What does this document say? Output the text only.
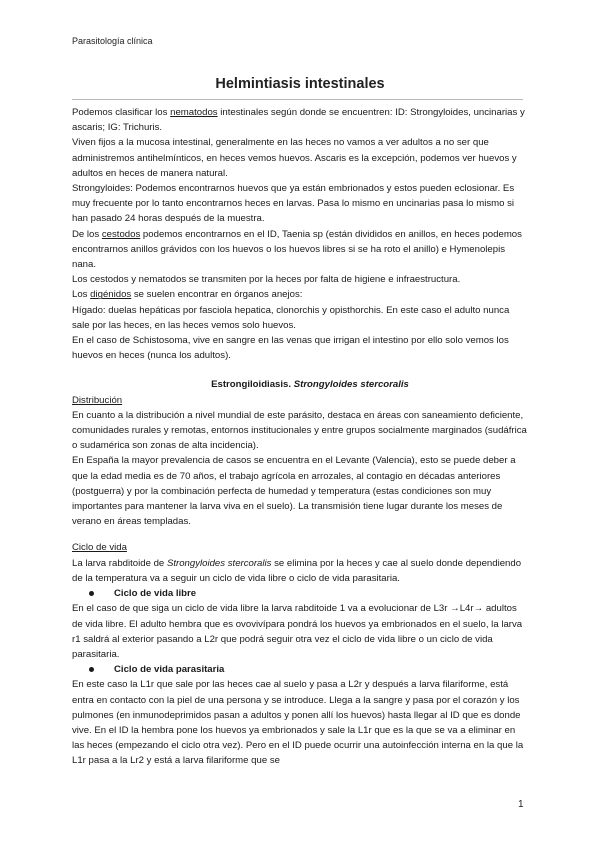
Parasitología clínica
Helmintiasis intestinales

Podemos clasificar los nematodos intestinales según donde se encuentren: ID: Strongyloides, uncinarias y ascaris; IG: Trichuris.

Viven fijos a la mucosa intestinal, generalmente en las heces no vamos a ver adultos a no ser que administremos antihelmínticos, en heces vemos huevos. Ascaris es la excepción, podemos ver huevos y adultos en heces de manera natural.

Strongyloides: Podemos encontrarnos huevos que ya están embrionados y estos pueden eclosionar. Es muy frecuente por lo tanto encontrarnos heces en larvas. Pasa lo mismo en uncinarias pasa lo mismo si han pasado 24 horas después de la muestra.

De los cestodos podemos encontrarnos en el ID, Taenia sp (están divididos en anillos, en heces podemos encontrarnos anillos grávidos con los huevos o los huevos libres si se ha roto el anillo) e Hymenolepis nana.

Los cestodos y nematodos se transmiten por la heces por falta de higiene e infraestructura.

Los digénidos se suelen encontrar en órganos anejos:

Hígado: duelas hepáticas por fasciola hepatica, clonorchis y opisthorchis. En este caso el adulto nunca sale por las heces, en las heces vemos solo huevos.

En el caso de Schistosoma, vive en sangre en las venas que irrigan el intestino por ello solo vemos los huevos en heces (nunca los adultos).

Estrongiloidiasis. Strongyloides stercoralis

Distribución

En cuanto a la distribución a nivel mundial de este parásito, destaca en áreas con saneamiento deficiente, comunidades rurales y remotas, entornos institucionales y entre grupos socialmente marginados (sudáfrica o sudamérica son zonas de alta incidencia).

En España la mayor prevalencia de casos se encuentra en el Levante (Valencia), esto se puede deber a que la edad media es de 70 años, el trabajo agrícola en arrozales, al contagio en décadas anteriores (postguerra) y por la combinación perfecta de humedad y temperatura (estas condiciones son muy importantes para mantener la larva viva en el suelo). La transmisión tiene lugar durante los meses de verano en áreas templadas.

Ciclo de vida

La larva rabditoide de Strongyloides stercoralis se elimina por la heces y cae al suelo donde dependiendo de la temperatura va a seguir un ciclo de vida libre o ciclo de vida parasitaria.

Ciclo de vida libre

En el caso de que siga un ciclo de vida libre la larva rabditoide 1 va a evolucionar de L3r →L4r→ adultos de vida libre. El adulto hembra que es ovovivípara pondrá los huevos ya embrionados en el suelo, la larva r1 saldrá al exterior pasando a L2r que podrá seguir otra vez el ciclo de vida libre o un ciclo de vida parasitaria.

Ciclo de vida parasitaria

En este caso la L1r que sale por las heces cae al suelo y pasa a L2r y después a larva filariforme, está entra en contacto con la piel de una persona y se introduce. Llega a la sangre y pasa por el corazón y los pulmones (en inmunodeprimidos pasan a adultos y ponen allí los huevos) hasta llegar al ID que es donde vive. En el ID la hembra pone los huevos ya embrionados y sale la L1r que es la que se va a eliminar en las heces (empezando el ciclo otra vez). Pero en el ID puede ocurrir una autoinfección interna en la que la L1r pasa a la Lr2 y está a larva filariforme que se

1
